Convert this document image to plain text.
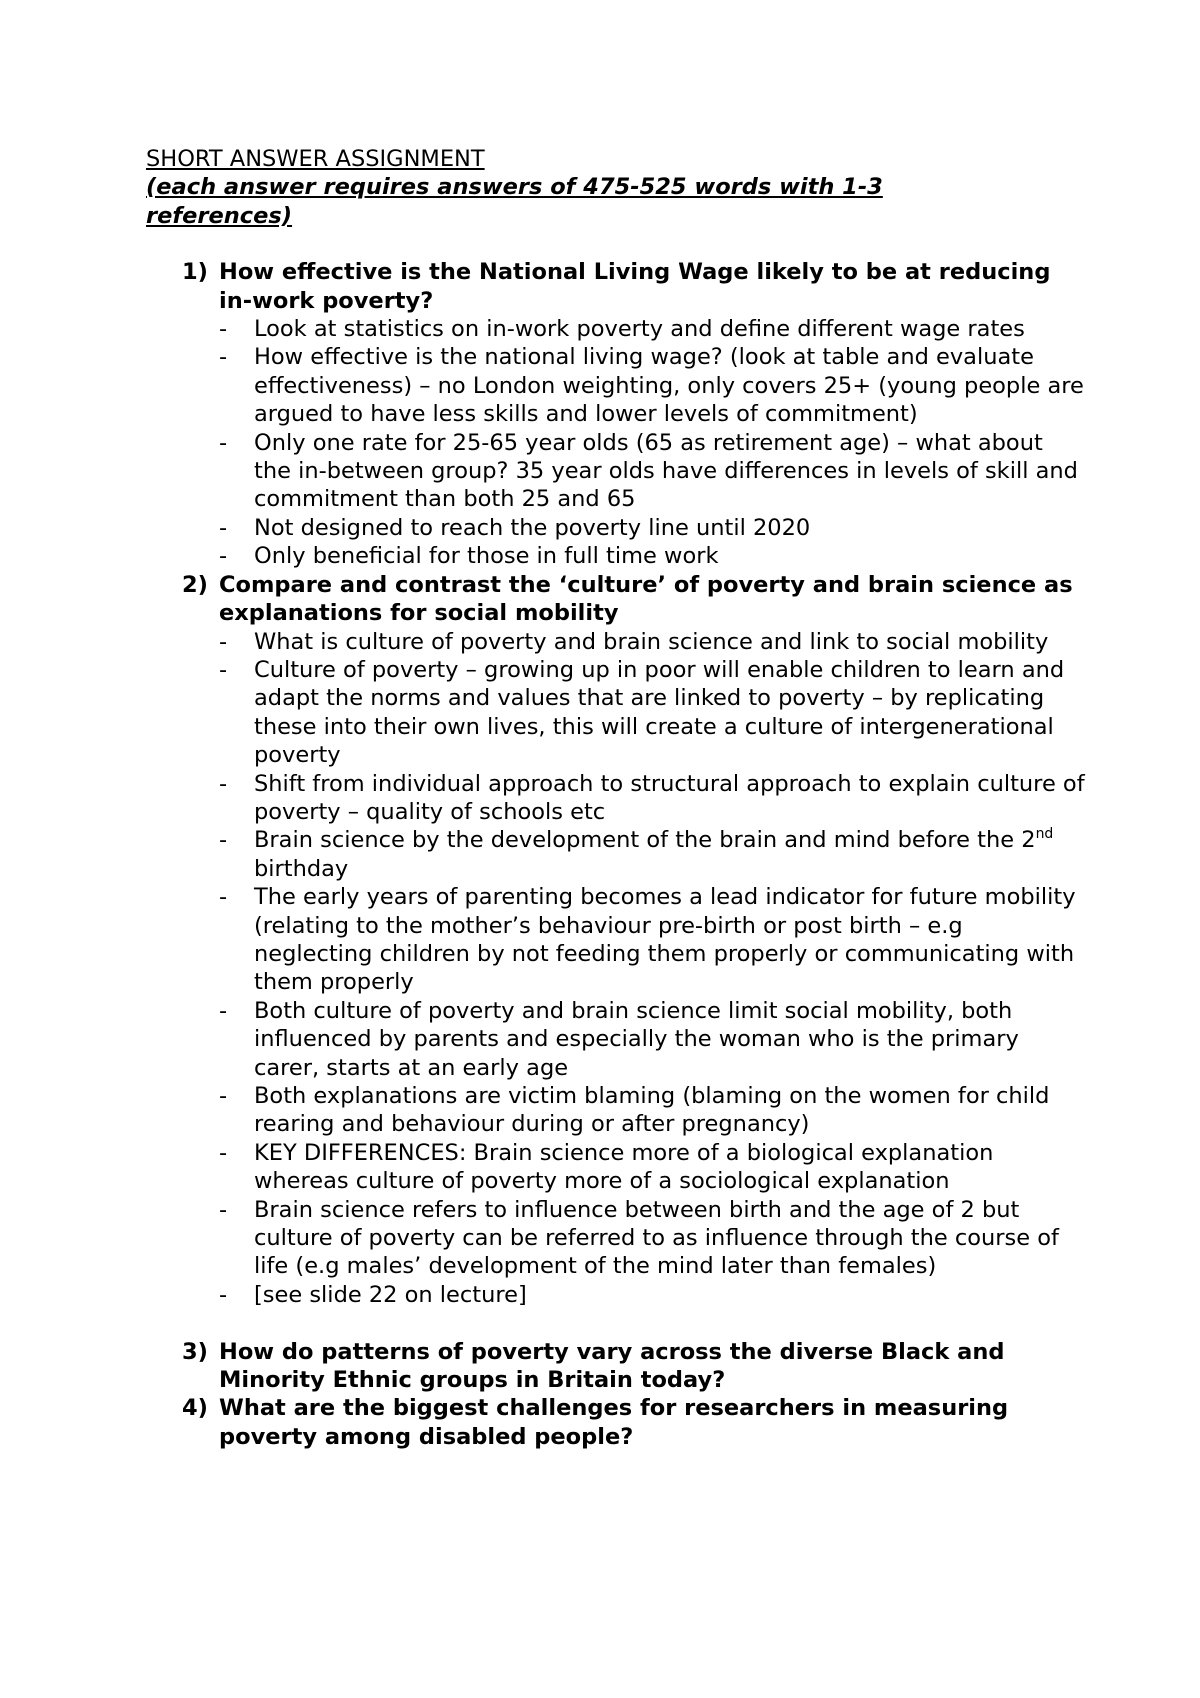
SHORT ANSWER ASSIGNMENT
(each answer requires answers of 475-525 words with 1-3 references)
1) How effective is the National Living Wage likely to be at reducing in-work poverty?
- Look at statistics on in-work poverty and define different wage rates
- How effective is the national living wage? (look at table and evaluate effectiveness) – no London weighting, only covers 25+ (young people are argued to have less skills and lower levels of commitment)
- Only one rate for 25-65 year olds (65 as retirement age) – what about the in-between group? 35 year olds have differences in levels of skill and commitment than both 25 and 65
- Not designed to reach the poverty line until 2020
- Only beneficial for those in full time work
2) Compare and contrast the ‘culture’ of poverty and brain science as explanations for social mobility
- What is culture of poverty and brain science and link to social mobility
- Culture of poverty – growing up in poor will enable children to learn and adapt the norms and values that are linked to poverty – by replicating these into their own lives, this will create a culture of intergenerational poverty
- Shift from individual approach to structural approach to explain culture of poverty – quality of schools etc
- Brain science by the development of the brain and mind before the 2nd birthday
- The early years of parenting becomes a lead indicator for future mobility (relating to the mother’s behaviour pre-birth or post birth – e.g neglecting children by not feeding them properly or communicating with them properly
- Both culture of poverty and brain science limit social mobility, both influenced by parents and especially the woman who is the primary carer, starts at an early age
- Both explanations are victim blaming (blaming on the women for child rearing and behaviour during or after pregnancy)
- KEY DIFFERENCES: Brain science more of a biological explanation whereas culture of poverty more of a sociological explanation
- Brain science refers to influence between birth and the age of 2 but culture of poverty can be referred to as influence through the course of life (e.g males’ development of the mind later than females)
- [see slide 22 on lecture]
3) How do patterns of poverty vary across the diverse Black and Minority Ethnic groups in Britain today?
4) What are the biggest challenges for researchers in measuring poverty among disabled people?
